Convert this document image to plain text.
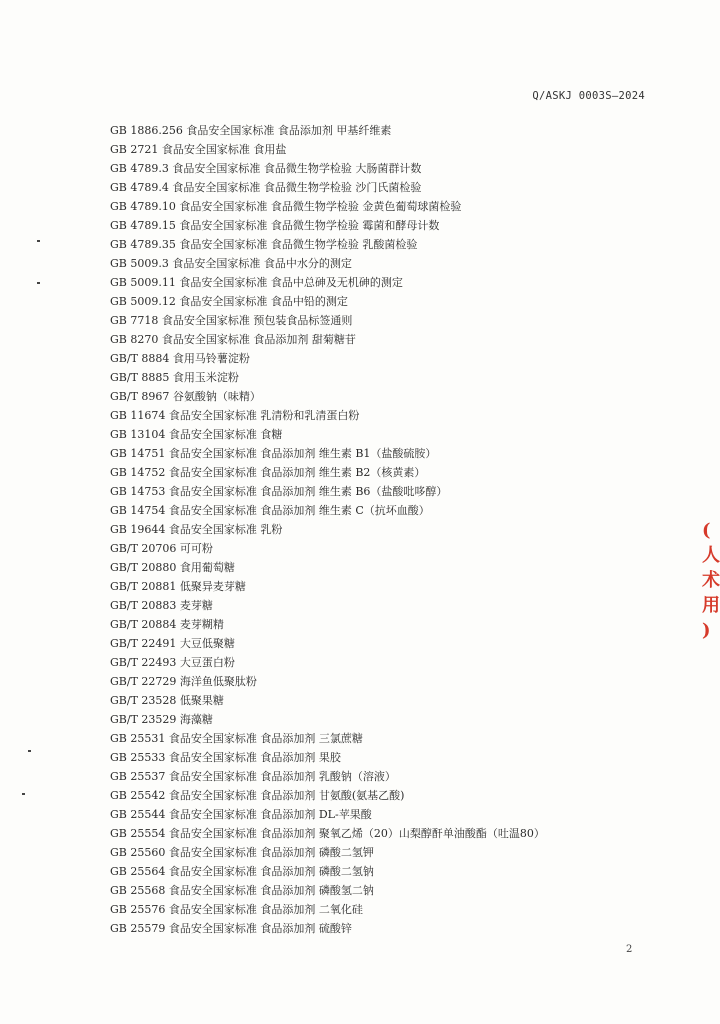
Q/ASKJ 0003S—2024
GB 1886.256 食品安全国家标准 食品添加剂 甲基纤维素
GB 2721 食品安全国家标准 食用盐
GB 4789.3 食品安全国家标准 食品微生物学检验 大肠菌群计数
GB 4789.4 食品安全国家标准 食品微生物学检验 沙门氏菌检验
GB 4789.10 食品安全国家标准 食品微生物学检验 金黄色葡萄球菌检验
GB 4789.15 食品安全国家标准 食品微生物学检验 霉菌和酵母计数
GB 4789.35 食品安全国家标准 食品微生物学检验 乳酸菌检验
GB 5009.3 食品安全国家标准 食品中水分的测定
GB 5009.11 食品安全国家标准 食品中总砷及无机砷的测定
GB 5009.12 食品安全国家标准 食品中铅的测定
GB 7718 食品安全国家标准 预包装食品标签通则
GB 8270 食品安全国家标准 食品添加剂 甜菊糖苷
GB/T 8884 食用马铃薯淀粉
GB/T 8885 食用玉米淀粉
GB/T 8967 谷氨酸钠（味精）
GB 11674 食品安全国家标准 乳清粉和乳清蛋白粉
GB 13104 食品安全国家标准 食糖
GB 14751 食品安全国家标准 食品添加剂 维生素 B1（盐酸硫胺）
GB 14752 食品安全国家标准 食品添加剂 维生素 B2（核黄素）
GB 14753 食品安全国家标准 食品添加剂 维生素 B6（盐酸吡哆醇）
GB 14754 食品安全国家标准 食品添加剂 维生素 C（抗坏血酸）
GB 19644 食品安全国家标准 乳粉
GB/T 20706 可可粉
GB/T 20880 食用葡萄糖
GB/T 20881 低聚异麦芽糖
GB/T 20883 麦芽糖
GB/T 20884 麦芽糊精
GB/T 22491 大豆低聚糖
GB/T 22493 大豆蛋白粉
GB/T 22729 海洋鱼低聚肽粉
GB/T 23528 低聚果糖
GB/T 23529 海藻糖
GB 25531 食品安全国家标准 食品添加剂 三氯蔗糖
GB 25533 食品安全国家标准 食品添加剂 果胶
GB 25537 食品安全国家标准 食品添加剂 乳酸钠（溶液）
GB 25542 食品安全国家标准 食品添加剂 甘氨酸(氨基乙酸)
GB 25544 食品安全国家标准 食品添加剂 DL-苹果酸
GB 25554 食品安全国家标准 食品添加剂 聚氧乙烯（20）山梨醇酐单油酸酯（吐温80）
GB 25560 食品安全国家标准 食品添加剂 磷酸二氢钾
GB 25564 食品安全国家标准 食品添加剂 磷酸二氢钠
GB 25568 食品安全国家标准 食品添加剂 磷酸氢二钠
GB 25576 食品安全国家标准 食品添加剂 二氧化硅
GB 25579 食品安全国家标准 食品添加剂 硫酸锌
2
(
人
术
用
)
